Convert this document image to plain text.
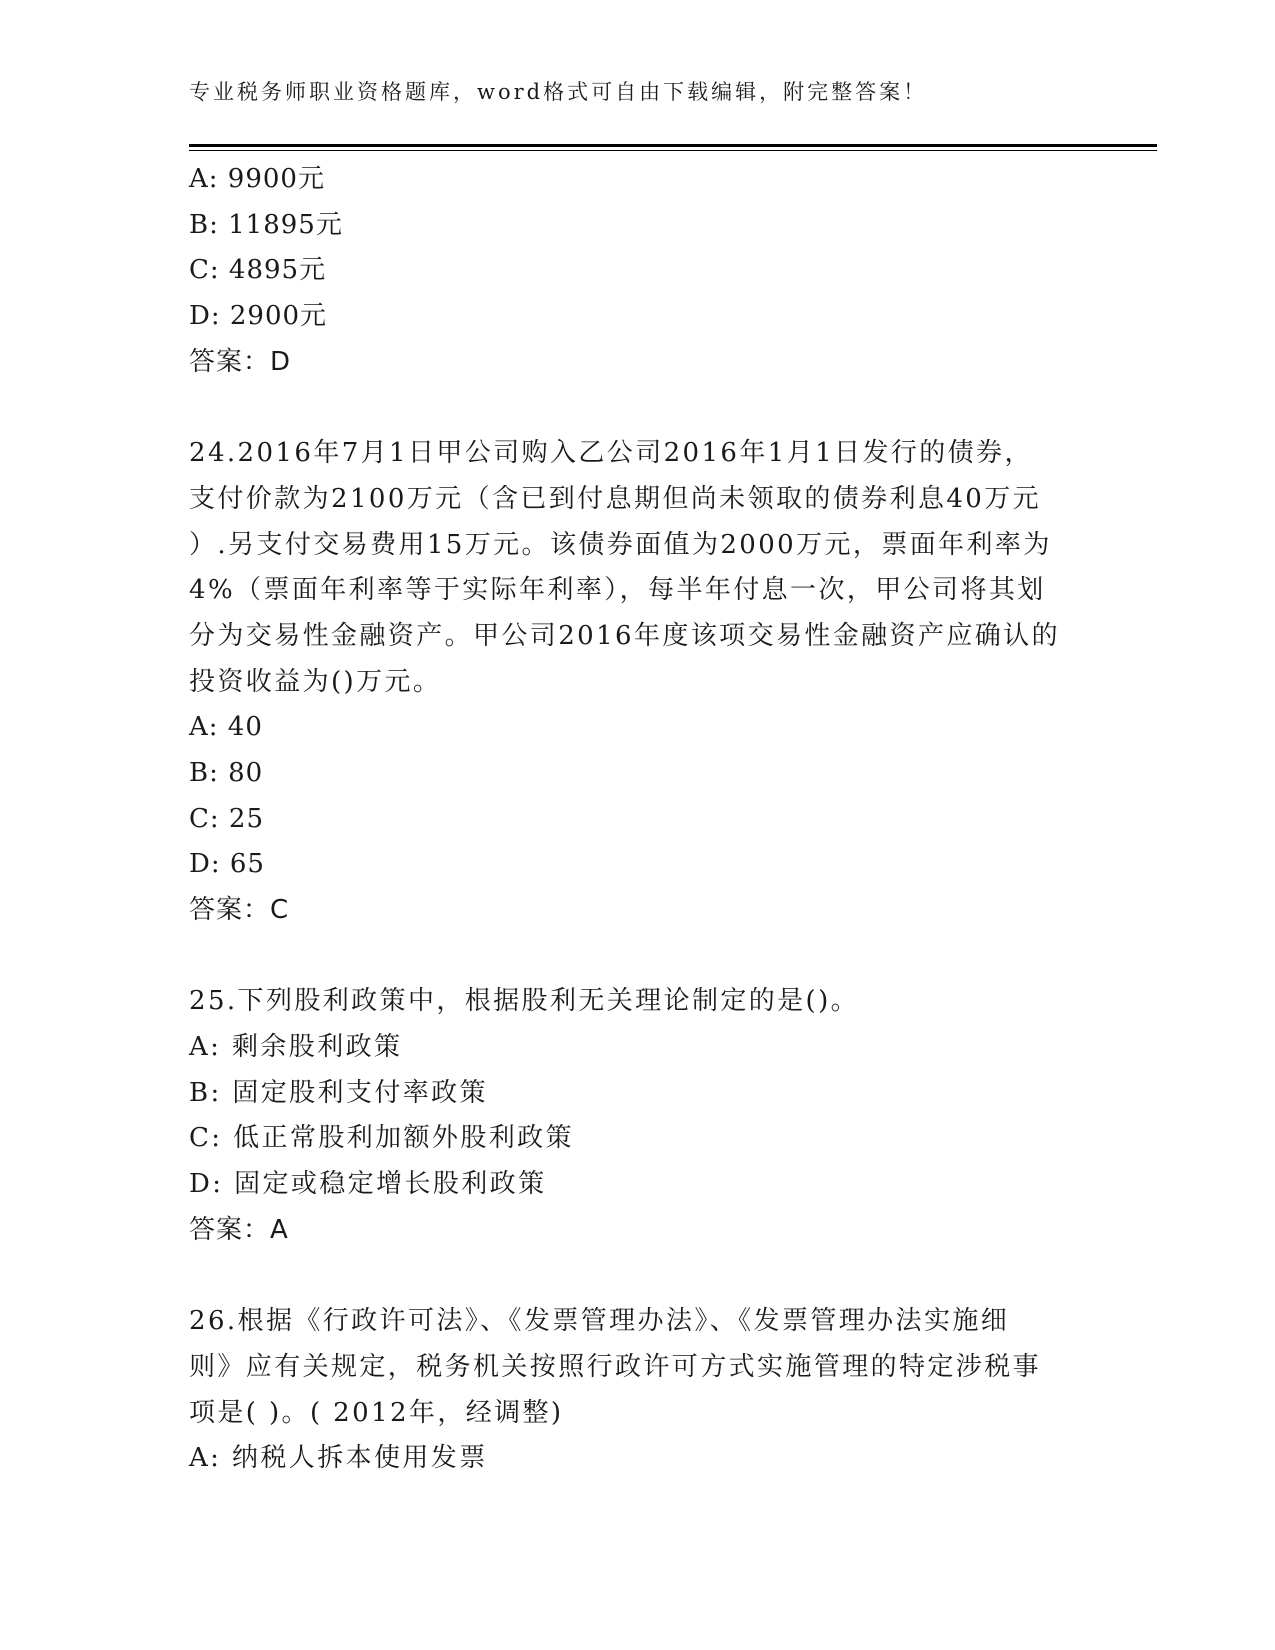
专业税务师职业资格题库，word格式可自由下载编辑，附完整答案！
A: 9900元
B: 11895元
C: 4895元
D: 2900元
答案：D
24.2016年7月1日甲公司购入乙公司2016年1月1日发行的债券，
支付价款为2100万元（含已到付息期但尚未领取的债券利息40万元
）.另支付交易费用15万元。该债券面值为2000万元，票面年利率为
4%（票面年利率等于实际年利率），每半年付息一次，甲公司将其划
分为交易性金融资产。甲公司2016年度该项交易性金融资产应确认的
投资收益为()万元。
A: 40
B: 80
C: 25
D: 65
答案：C
25.下列股利政策中，根据股利无关理论制定的是()。
A: 剩余股利政策
B: 固定股利支付率政策
C: 低正常股利加额外股利政策
D: 固定或稳定增长股利政策
答案：A
26.根据《行政许可法》、《发票管理办法》、《发票管理办法实施细
则》应有关规定，税务机关按照行政许可方式实施管理的特定涉税事
项是( )。( 2012年，经调整)
A: 纳税人拆本使用发票
